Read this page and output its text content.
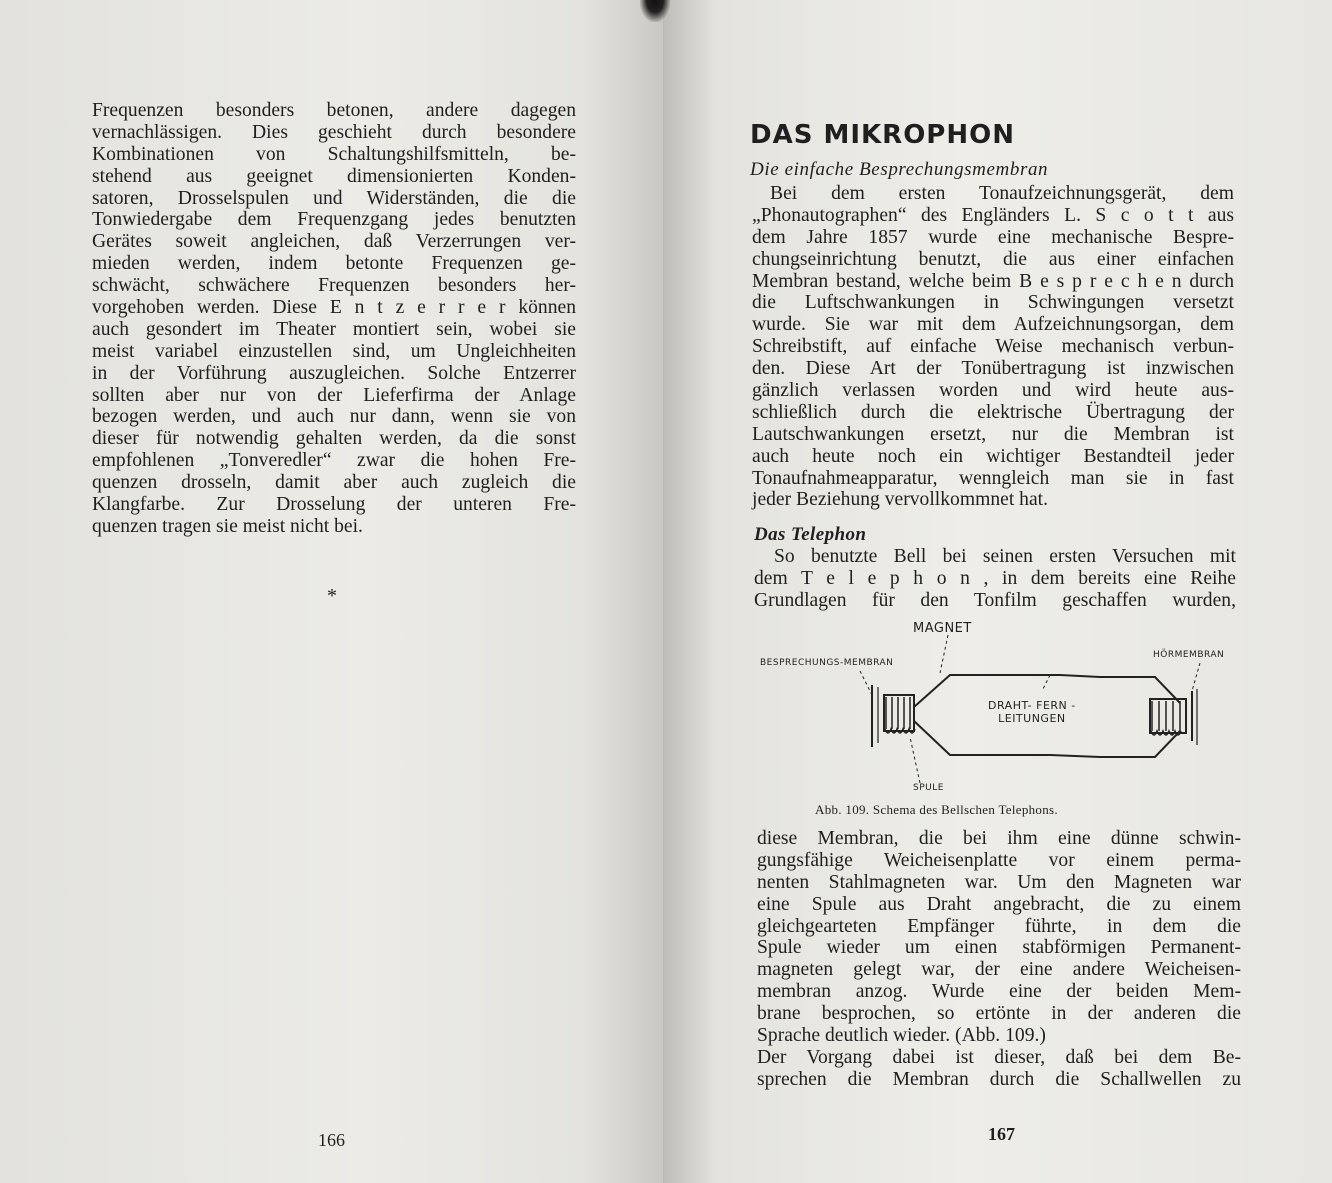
Frequenzen besonders betonen, andere dagegen
vernachlässigen. Dies geschieht durch besondere
Kombinationen von Schaltungshilfsmitteln, be-
stehend aus geeignet dimensionierten Konden-
satoren, Drosselspulen und Widerständen, die die
Tonwiedergabe dem Frequenzgang jedes benutzten
Gerätes soweit angleichen, daß Verzerrungen ver-
mieden werden, indem betonte Frequenzen ge-
schwächt, schwächere Frequenzen besonders her-
vorgehoben werden. Diese E n t z e r r e r können
auch gesondert im Theater montiert sein, wobei sie
meist variabel einzustellen sind, um Ungleichheiten
in der Vorführung auszugleichen. Solche Entzerrer
sollten aber nur von der Lieferfirma der Anlage
bezogen werden, und auch nur dann, wenn sie von
dieser für notwendig gehalten werden, da die sonst
empfohlenen „Tonveredler“ zwar die hohen Fre-
quenzen drosseln, damit aber auch zugleich die
Klangfarbe. Zur Drosselung der unteren Fre-
quenzen tragen sie meist nicht bei.
*
166
DAS MIKROPHON
Die einfache Besprechungsmembran
Bei dem ersten Tonaufzeichnungsgerät, dem
„Phonautographen“ des Engländers L. S c o t t aus
dem Jahre 1857 wurde eine mechanische Bespre-
chungseinrichtung benutzt, die aus einer einfachen
Membran bestand, welche beim B e s p r e c h e n durch
die Luftschwankungen in Schwingungen versetzt
wurde. Sie war mit dem Aufzeichnungsorgan, dem
Schreibstift, auf einfache Weise mechanisch verbun-
den. Diese Art der Tonübertragung ist inzwischen
gänzlich verlassen worden und wird heute aus-
schließlich durch die elektrische Übertragung der
Lautschwankungen ersetzt, nur die Membran ist
auch heute noch ein wichtiger Bestandteil jeder
Tonaufnahmeapparatur, wenngleich man sie in fast
jeder Beziehung vervollkommnet hat.
Das Telephon
So benutzte Bell bei seinen ersten Versuchen mit
dem T e l e p h o n , in dem bereits eine Reihe
Grundlagen für den Tonfilm geschaffen wurden,
MAGNET
BESPRECHUNGS-MEMBRAN
HÖRMEMBRAN
DRAHT- FERN -
LEITUNGEN
SPULE
Abb. 109. Schema des Bellschen Telephons.
diese Membran, die bei ihm eine dünne schwin-
gungsfähige Weicheisenplatte vor einem perma-
nenten Stahlmagneten war. Um den Magneten war
eine Spule aus Draht angebracht, die zu einem
gleichgearteten Empfänger führte, in dem die
Spule wieder um einen stabförmigen Permanent-
magneten gelegt war, der eine andere Weicheisen-
membran anzog. Wurde eine der beiden Mem-
brane besprochen, so ertönte in der anderen die
Sprache deutlich wieder. (Abb. 109.)
Der Vorgang dabei ist dieser, daß bei dem Be-
sprechen die Membran durch die Schallwellen zu
167
